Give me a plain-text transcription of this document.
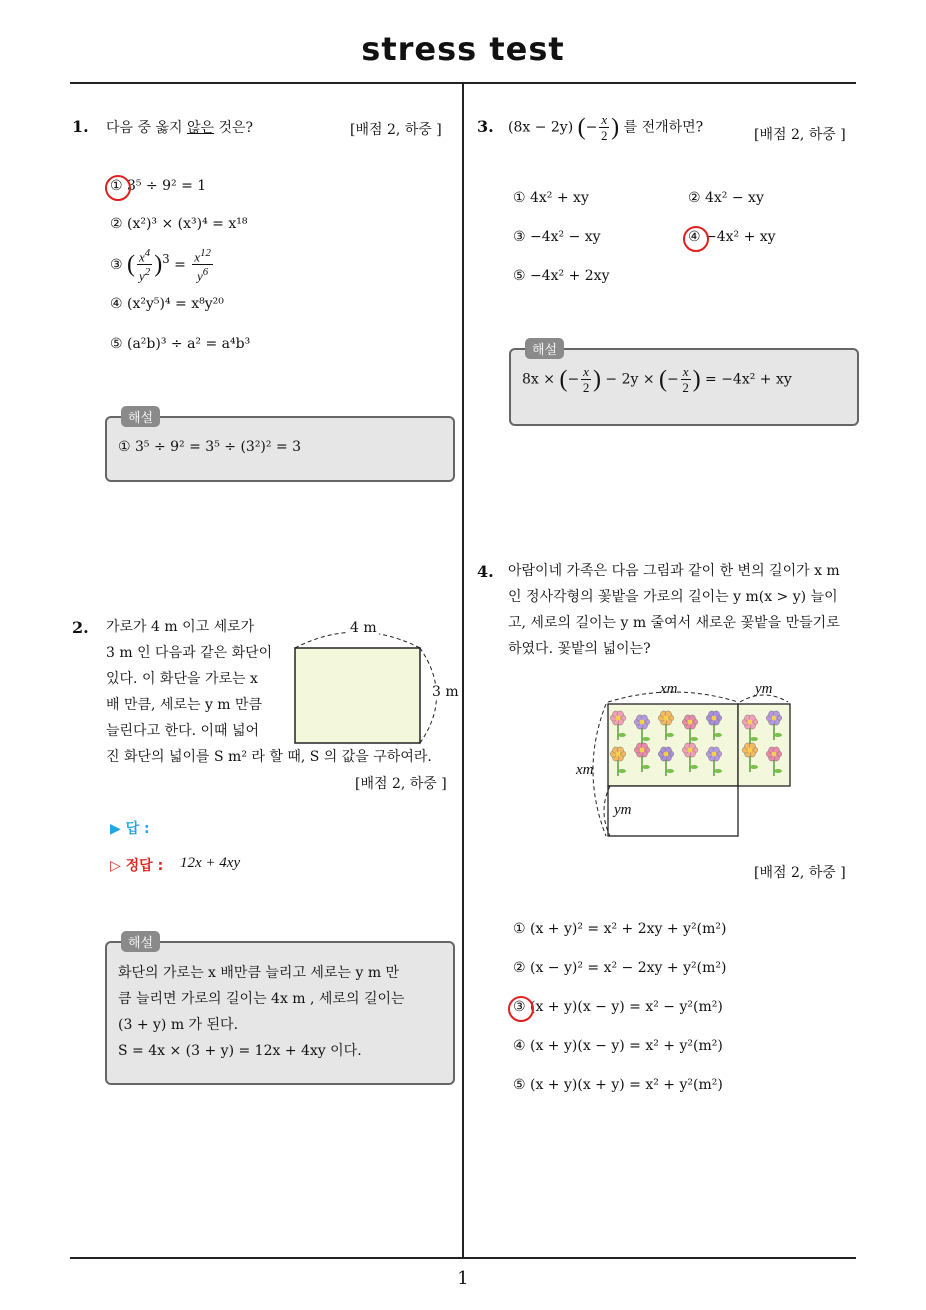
stress test
1
1. 다음 중 옳지 않은 것은?	[배점 2, 하중 ]
① 3⁵ ÷ 9² = 1
② (x²)³ × (x³)⁴ = x¹⁸
③ ( $\frac{x^4}{y^2} )^3 = \frac{x^{12}}{y^6}$
④ (x²y⁵)⁴ = x⁸y²⁰
⑤ (a²b)³ ÷ a² = a⁴b³
해설
① 3⁵ ÷ 9² = 3⁵ ÷ (3²)² = 3
2. 가로가 4 m 이고 세로가
3 m 인 다음과 같은 화단이
있다. 이 화단을 가로는 x
배 만큼, 세로는 y m 만큼
늘린다고 한다. 이때 넓어
진 화단의 넓이를 S m² 라 할 때, S 의 값을 구하여라.
[배점 2, 하중 ]
4 m
3 m
▶ 답 :
▷ 정답 : 12x + 4xy
해설
화단의 가로는 x 배만큼 늘리고 세로는 y m 만
큼 늘리면 가로의 길이는 4x m , 세로의 길이는
(3 + y) m 가 된다.
S = 4x × (3 + y) = 12x + 4xy 이다.
3. (8x − 2y) (− $\frac{x}{2}$ ) 를 전개하면?	[배점 2, 하중 ]
① 4x² + xy	② 4x² − xy
③ −4x² − xy	④ −4x² + xy
⑤ −4x² + 2xy
해설
8x × (− $\frac{x}{2}$ ) − 2y × (− $\frac{x}{2}$ ) = −4x² + xy
4. 아람이네 가족은 다음 그림과 같이 한 변의 길이가 x m
인 정사각형의 꽃밭을 가로의 길이는 y m(x > y) 늘이
고, 세로의 길이는 y m 줄여서 새로운 꽃밭을 만들기로
하였다. 꽃밭의 넓이는?
xm	ym
xm
ym
[배점 2, 하중 ]
① (x + y)² = x² + 2xy + y²(m²)
② (x − y)² = x² − 2xy + y²(m²)
③ (x + y)(x − y) = x² − y²(m²)
④ (x + y)(x − y) = x² + y²(m²)
⑤ (x + y)(x + y) = x² + y²(m²)
